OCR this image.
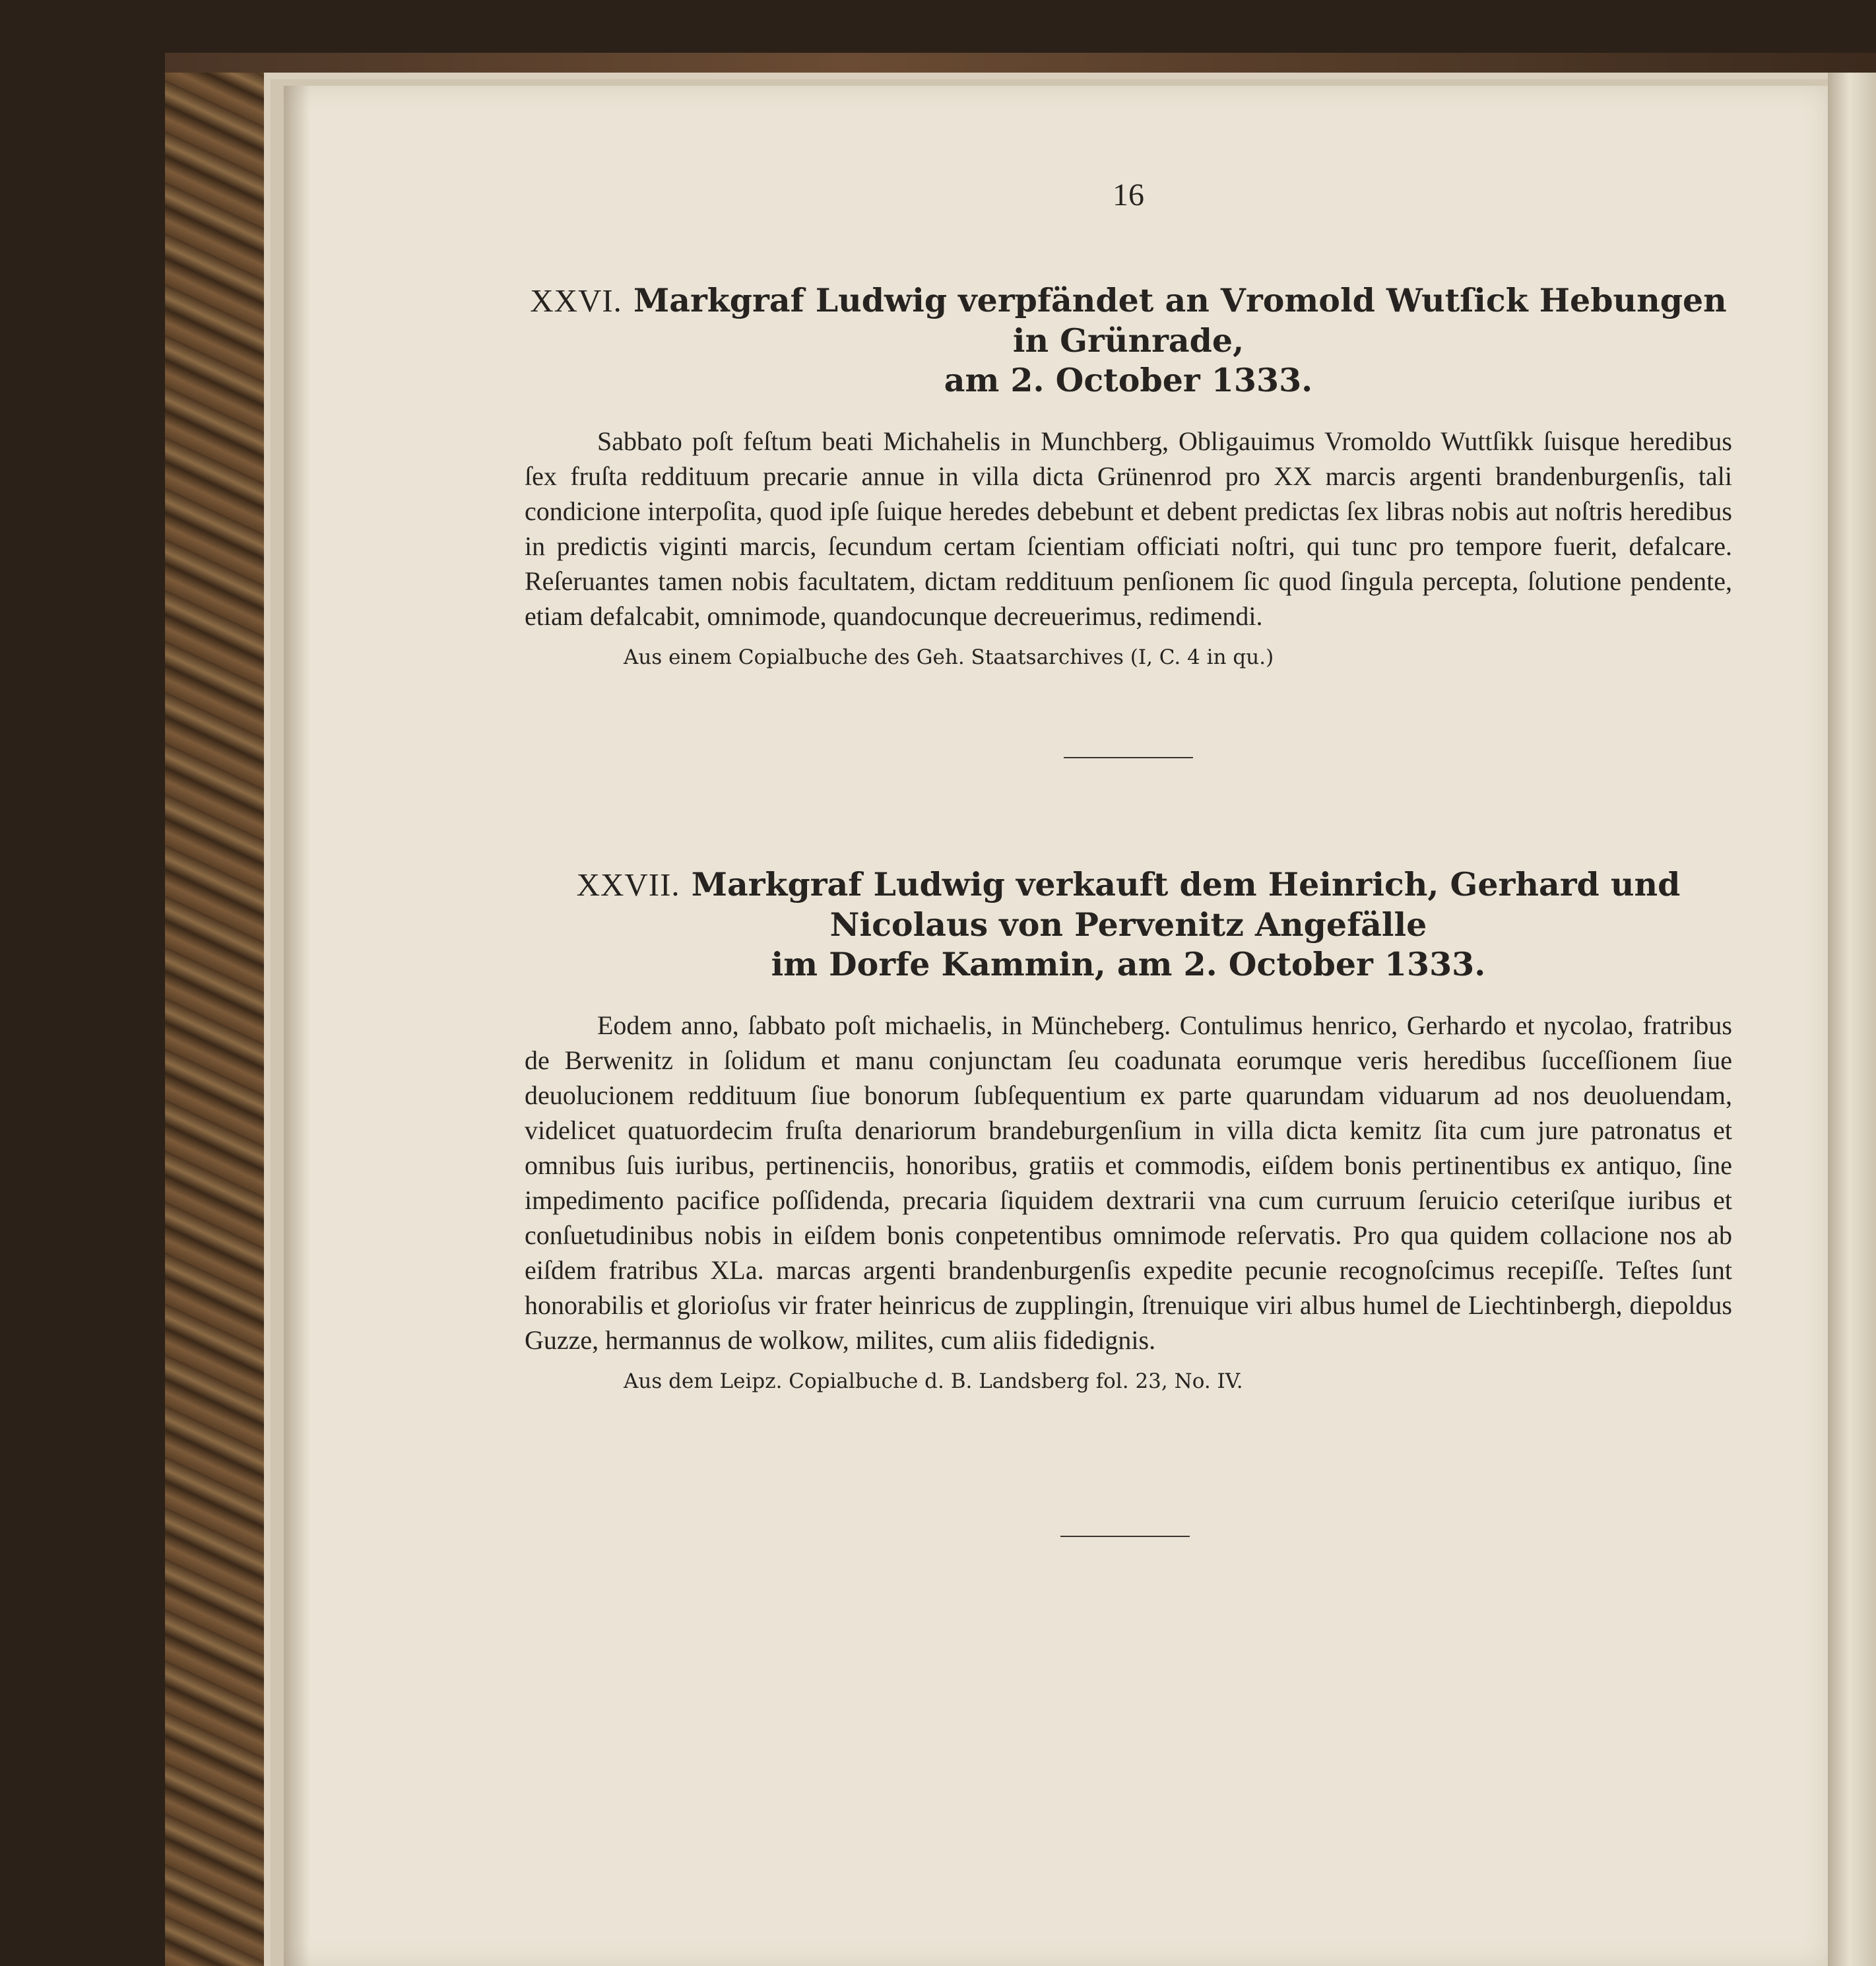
16

XXVI. Markgraf Ludwig verpfändet an Vromold Wutſick Hebungen in Grünrade,
am 2. October 1333.

Sabbato poſt feſtum beati Michahelis in Munchberg, Obligauimus Vromoldo Wuttſikk ſuisque heredibus ſex fruſta reddituum precarie annue in villa dicta Grünenrod pro XX marcis argenti brandenburgenſis, tali condicione interpoſita, quod ipſe ſuique heredes debebunt et debent predictas ſex libras nobis aut noſtris heredibus in predictis viginti marcis, ſecundum certam ſcientiam officiati noſtri, qui tunc pro tempore fuerit, defalcare. Reſeruantes tamen nobis facultatem, dictam reddituum penſionem ſic quod ſingula percepta, ſolutione pendente, etiam defalcabit, omnimode, quandocunque decreuerimus, redimendi.

Aus einem Copialbuche des Geh. Staatsarchives (I, C. 4 in qu.)

XXVII. Markgraf Ludwig verkauft dem Heinrich, Gerhard und Nicolaus von Pervenitz Angefälle
im Dorfe Kammin, am 2. October 1333.

Eodem anno, ſabbato poſt michaelis, in Müncheberg. Contulimus henrico, Gerhardo et nycolao, fratribus de Berwenitz in ſolidum et manu conjunctam ſeu coadunata eorumque veris heredibus ſucceſſionem ſiue deuolucionem reddituum ſiue bonorum ſubſequentium ex parte quarundam viduarum ad nos deuoluendam, videlicet quatuordecim fruſta denariorum brandeburgenſium in villa dicta kemitz ſita cum jure patronatus et omnibus ſuis iuribus, pertinenciis, honoribus, gratiis et commodis, eiſdem bonis pertinentibus ex antiquo, ſine impedimento pacifice poſſidenda, precaria ſiquidem dextrarii vna cum curruum ſeruicio ceteriſque iuribus et conſuetudinibus nobis in eiſdem bonis conpetentibus omnimode reſervatis. Pro qua quidem collacione nos ab eiſdem fratribus XLa. marcas argenti brandenburgenſis expedite pecunie recognoſcimus recepiſſe. Teſtes ſunt honorabilis et glorioſus vir frater heinricus de zupplingin, ſtrenuique viri albus humel de Liechtinbergh, diepoldus Guzze, hermannus de wolkow, milites, cum aliis fidedignis.

Aus dem Leipz. Copialbuche d. B. Landsberg fol. 23, No. IV.
